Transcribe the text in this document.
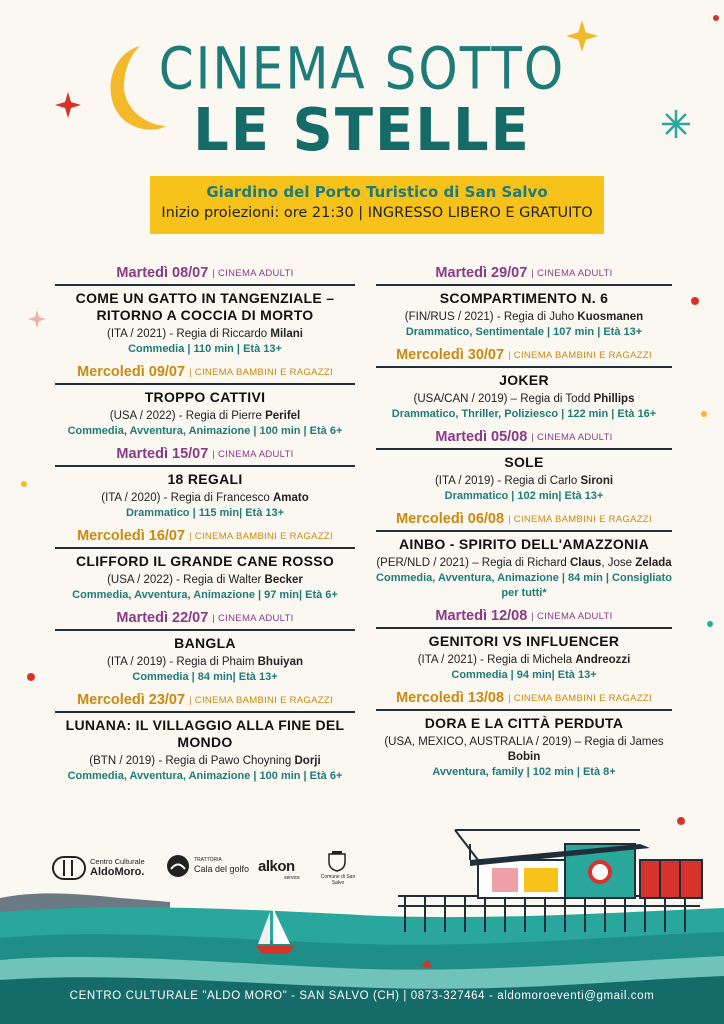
CINEMA SOTTO
LE STELLE
Giardino del Porto Turistico di San Salvo
Inizio proiezioni: ore 21:30 | INGRESSO LIBERO E GRATUITO
Martedì 08/07 | CINEMA ADULTI
COME UN GATTO IN TANGENZIALE – RITORNO A COCCIA DI MORTO
(ITA / 2021) - Regia di Riccardo Milani
Commedia | 110 min | Età 13+
Mercoledì 09/07 | CINEMA BAMBINI E RAGAZZI
TROPPO CATTIVI
(USA / 2022) - Regia di Pierre Perifel
Commedia, Avventura, Animazione | 100 min | Età 6+
Martedì 15/07 | CINEMA ADULTI
18 REGALI
(ITA / 2020) - Regia di Francesco Amato
Drammatico | 115 min| Età 13+
Mercoledì 16/07 | CINEMA BAMBINI E RAGAZZI
CLIFFORD IL GRANDE CANE ROSSO
(USA / 2022) - Regia di Walter Becker
Commedia, Avventura, Animazione | 97 min| Età 6+
Martedì 22/07 | CINEMA ADULTI
BANGLA
(ITA / 2019) - Regia di Phaim Bhuiyan
Commedia | 84 min| Età 13+
Mercoledì 23/07 | CINEMA BAMBINI E RAGAZZI
LUNANA: IL VILLAGGIO ALLA FINE DEL MONDO
(BTN / 2019) - Regia di Pawo Choyning Dorji
Commedia, Avventura, Animazione | 100 min | Età 6+
Martedì 29/07 | CINEMA ADULTI
SCOMPARTIMENTO N. 6
(FIN/RUS / 2021) - Regia di Juho Kuosmanen
Drammatico, Sentimentale | 107 min | Età 13+
Mercoledì 30/07 | CINEMA BAMBINI E RAGAZZI
JOKER
(USA/CAN / 2019) – Regia di Todd Phillips
Drammatico, Thriller, Poliziesco | 122 min | Età 16+
Martedì 05/08 | CINEMA ADULTI
SOLE
(ITA / 2019) - Regia di Carlo Sironi
Drammatico | 102 min| Età 13+
Mercoledì 06/08 | CINEMA BAMBINI E RAGAZZI
AINBO - SPIRITO DELL'AMAZZONIA
(PER/NLD / 2021) – Regia di Richard Claus, Jose Zelada
Commedia, Avventura, Animazione | 84 min | Consigliato per tutti*
Martedì 12/08 | CINEMA ADULTI
GENITORI VS INFLUENCER
(ITA / 2021) - Regia di Michela Andreozzi
Commedia | 94 min| Età 13+
Mercoledì 13/08 | CINEMA BAMBINI E RAGAZZI
DORA E LA CITTÀ PERDUTA
(USA, MEXICO, AUSTRALIA / 2019) – Regia di James Bobin
Avventura, family | 102 min | Età 8+
Centro Culturale
AldoMoro.
TRATTORIA
Cala del golfo alkon
service	Comune di San Salvo
CENTRO CULTURALE "ALDO MORO" - SAN SALVO (CH) | 0873-327464 - aldomoroeventi@gmail.com
